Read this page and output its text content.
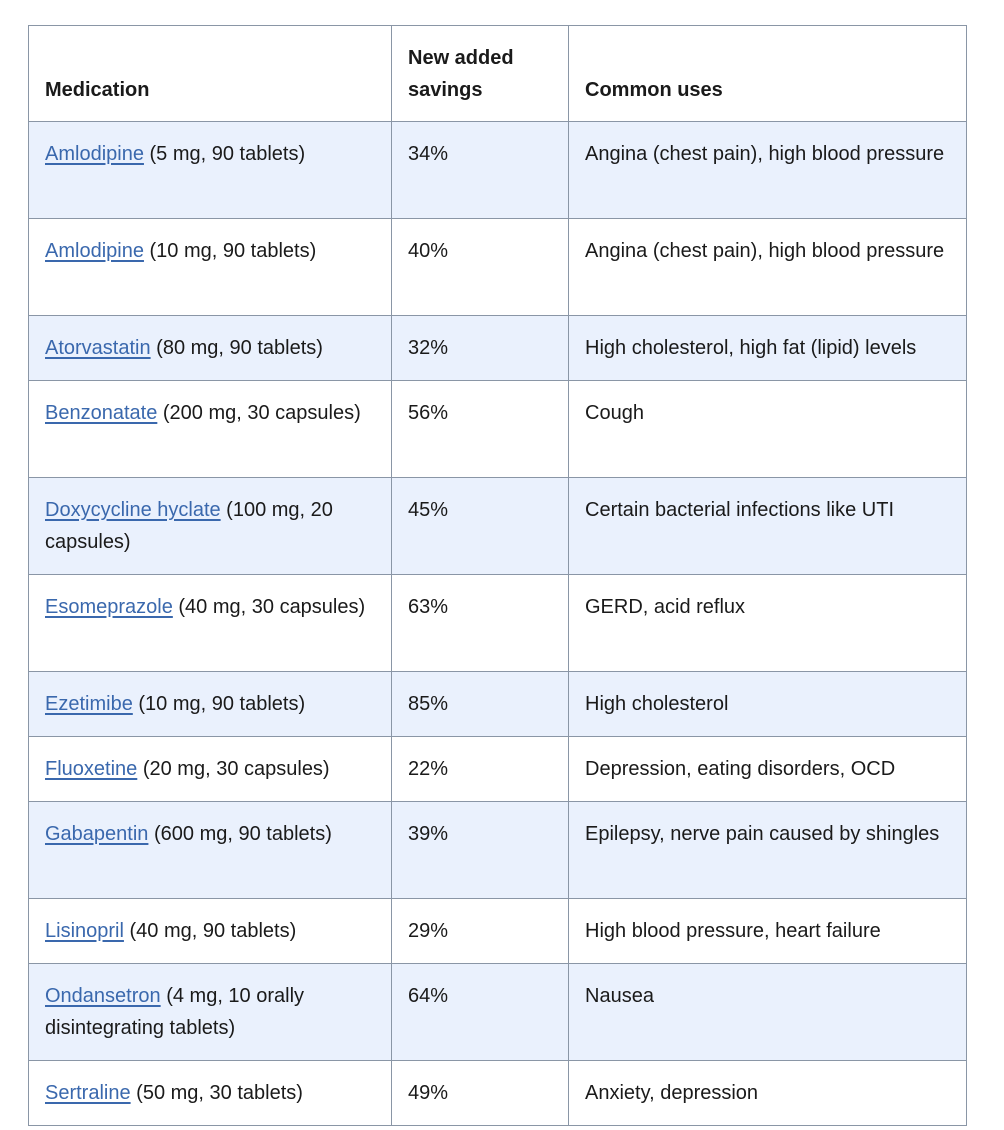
Medication	New added savings	Common uses
Amlodipine (5 mg, 90 tablets)	34%	Angina (chest pain), high blood pressure
Amlodipine (10 mg, 90 tablets)	40%	Angina (chest pain), high blood pressure
Atorvastatin (80 mg, 90 tablets)	32%	High cholesterol, high fat (lipid) levels
Benzonatate (200 mg, 30 capsules)	56%	Cough
Doxycycline hyclate (100 mg, 20 capsules)	45%	Certain bacterial infections like UTI
Esomeprazole (40 mg, 30 capsules)	63%	GERD, acid reflux
Ezetimibe (10 mg, 90 tablets)	85%	High cholesterol
Fluoxetine (20 mg, 30 capsules)	22%	Depression, eating disorders, OCD
Gabapentin (600 mg, 90 tablets)	39%	Epilepsy, nerve pain caused by shingles
Lisinopril (40 mg, 90 tablets)	29%	High blood pressure, heart failure
Ondansetron (4 mg, 10 orally disintegrating tablets)	64%	Nausea
Sertraline (50 mg, 30 tablets)	49%	Anxiety, depression
